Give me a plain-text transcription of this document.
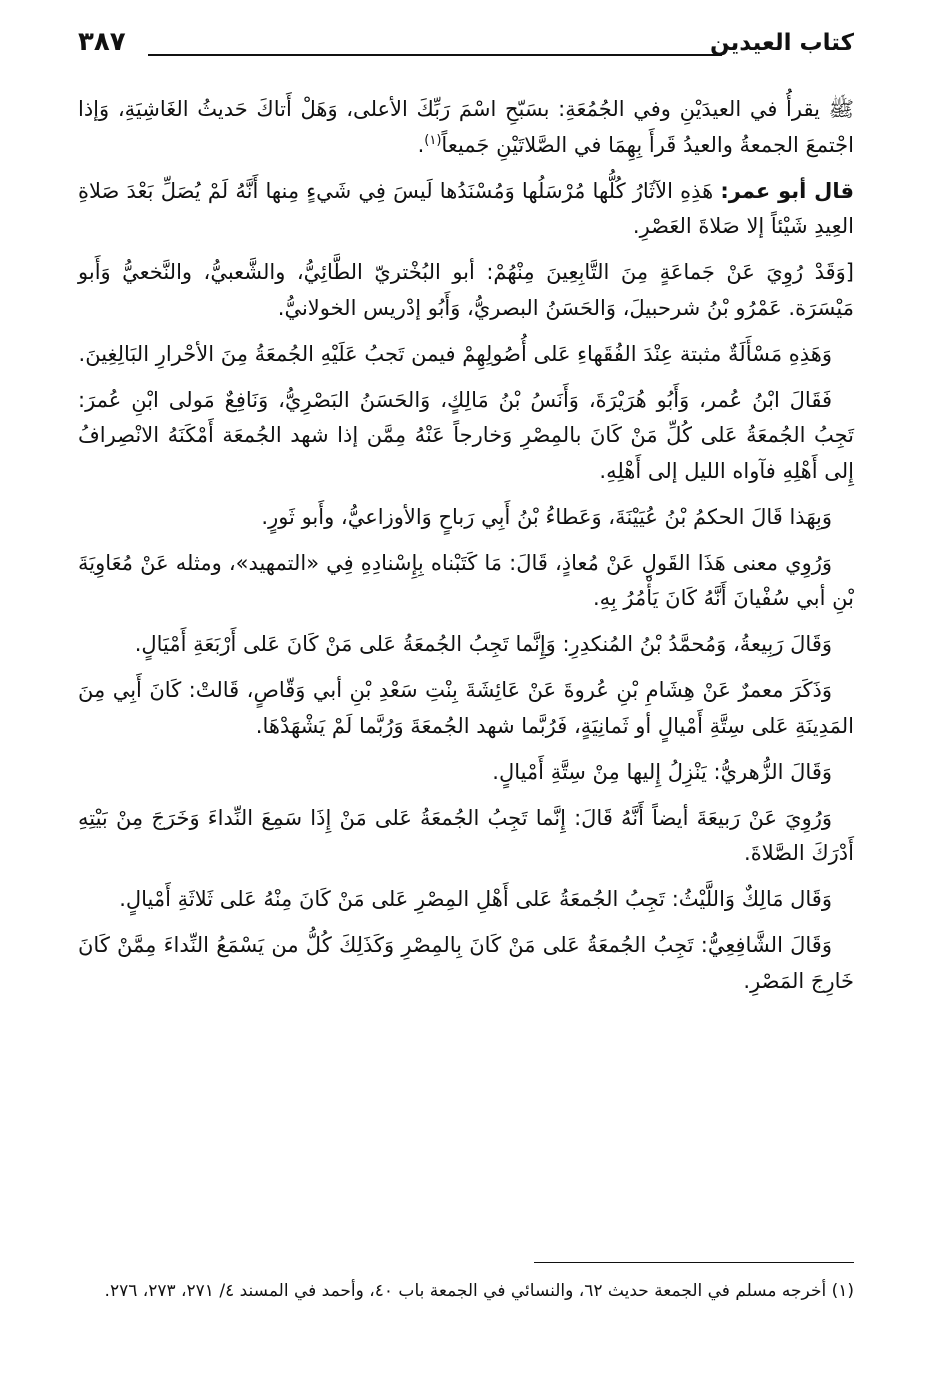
كتاب العيدين
٣٨٧

ﷺ يقرأُ في العيدَيْنِ وفي الجُمُعَةِ: بسَبّحِ اسْمَ رَبِّكَ الأعلى، وَهَلْ أَتاكَ حَديثُ الغَاشِيَةِ، وَإذا اجْتمعَ الجمعةُ والعيدُ قَرأَ بِهِمَا في الصَّلاتَيْنِ جَميعاً$^{(١)}$.

قال أبو عمر: هَذِهِ الآثَارُ كُلُّها مُرْسَلُها وَمُسْنَدُها لَيسَ فِي شَيءٍ مِنها أَنَّهُ لَمْ يُصَلِّ بَعْدَ صَلاةِ العِيدِ شَيْئاً إلا صَلاةَ العَصْرِ.

[وَقَدْ رُوِيَ عَنْ جَماعَةٍ مِنَ التَّابِعِينَ مِنْهُمْ: أبو البُخْتريّ الطَّائِيُّ، والشَّعبيُّ، والنَّخعيُّ وَأَبو مَيْسَرَة. عَمْرُو بْنُ شرحبيلَ، وَالحَسَنُ البصريُّ، وَأَبُو إدْريس الخولانيُّ.

وَهَذِهِ مَسْأَلَةٌ مثبتة عِنْدَ الفُقَهاءِ عَلى أُصُولِهِمْ فيمن تَجبُ عَلَيْهِ الجُمعَةُ مِنَ الأحْرارِ البَالِغِينَ.

فَقَالَ ابْنُ عُمر، وَأَبُو هُرَيْرَةَ، وَأَنَسُ بْنُ مَالِكٍ، وَالحَسَنُ البَصْرِيُّ، وَنَافِعٌ مَولى ابْنِ عُمرَ: تَجِبُ الجُمعَةُ عَلى كُلِّ مَنْ كَانَ بالمِصْرِ وَخارجاً عَنْهُ مِمَّن إذا شهد الجُمعَة أَمْكَنَهُ الانْصِرافُ إِلى أَهْلِهِ فآواه الليل إلى أَهْلِهِ.

وَبِهَذا قَالَ الحكمُ بْنُ عُيَيْنَةَ، وَعَطاءُ بْنُ أَبِي رَباحٍ وَالأوزاعيُّ، وأَبو ثَورٍ.

وَرُوِي معنى هَذَا القَولِ عَنْ مُعاذٍ، قَالَ: مَا كَتَبْناه بِإِسْنادِهِ فِي «التمهيد»، ومثله عَنْ مُعَاوِيَةَ بْنِ أبي سُفْيانَ أَنَّهُ كَانَ يَأْمُرُ بِهِ.

وَقَالَ رَبِيعةُ، وَمُحمَّدُ بْنُ المُنكدِرِ: وَإِنَّما تَجِبُ الجُمعَةُ عَلى مَنْ كَانَ عَلى أَرْبَعَةِ أَمْيَالٍ.

وَذَكَرَ معمرٌ عَنْ هِشَامِ بْنِ عُروةَ عَنْ عَائِشَةَ بِنْتِ سَعْدِ بْنِ أبي وَقّاصٍ، قَالتْ: كَانَ أَبِي مِنَ المَدِينَةِ عَلى سِتَّةِ أَمْيالٍ أو ثَمانِيَةٍ، فَرُبَّما شهد الجُمعَةَ وَرُبَّما لَمْ يَشْهَدْهَا.

وَقَالَ الزُّهريُّ: يَنْزِلُ إِليها مِنْ سِتَّةِ أَمْيالٍ.

وَرُوِيَ عَنْ رَبيعَةَ أيضاً أَنَّهُ قَالَ: إِنَّما تَجِبُ الجُمعَةُ عَلى مَنْ إِذَا سَمِعَ النِّداءَ وَخَرَجَ مِنْ بَيْتِهِ أَدْرَكَ الصَّلاةَ.

وَقَال مَالِكٌ وَاللَّيْثُ: تَجِبُ الجُمعَةُ عَلى أَهْلِ المِصْرِ عَلى مَنْ كَانَ مِنْهُ عَلى ثَلاثَةِ أَمْيالٍ.

وَقَالَ الشَّافِعِيُّ: تَجِبُ الجُمعَةُ عَلى مَنْ كَانَ بِالمِصْرِ وَكَذَلِكَ كُلُّ من يَسْمَعُ النِّداءَ مِمَّنْ كَانَ خَارِجَ المَصْرِ.

(١) أخرجه مسلم في الجمعة حديث ٦٢، والنسائي في الجمعة باب ٤٠، وأحمد في المسند ٤/ ٢٧١، ٢٧٣، ٢٧٦.
